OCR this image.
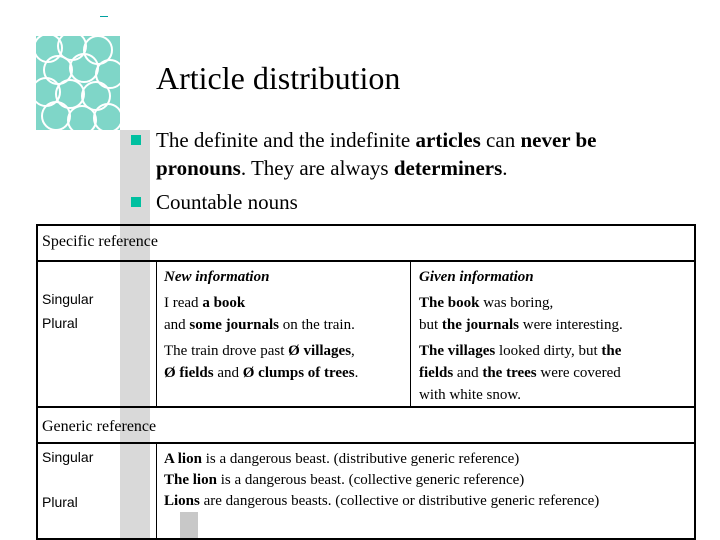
Article distribution
The definite and the indefinite articles can never be
pronouns. They are always determiners.
Countable nouns
Specific reference
Singular
Plural
New information
I read a book
and some journals on the train.
The train drove past Ø villages,
Ø fields and Ø clumps of trees.
Given information
The book was boring,
but the journals were interesting.
The villages looked dirty, but the
fields and the trees were covered
with white snow.
Generic reference
Singular
Plural
A lion is a dangerous beast. (distributive generic reference)
The lion is a dangerous beast. (collective generic reference)
Lions are dangerous beasts. (collective or distributive generic reference)
